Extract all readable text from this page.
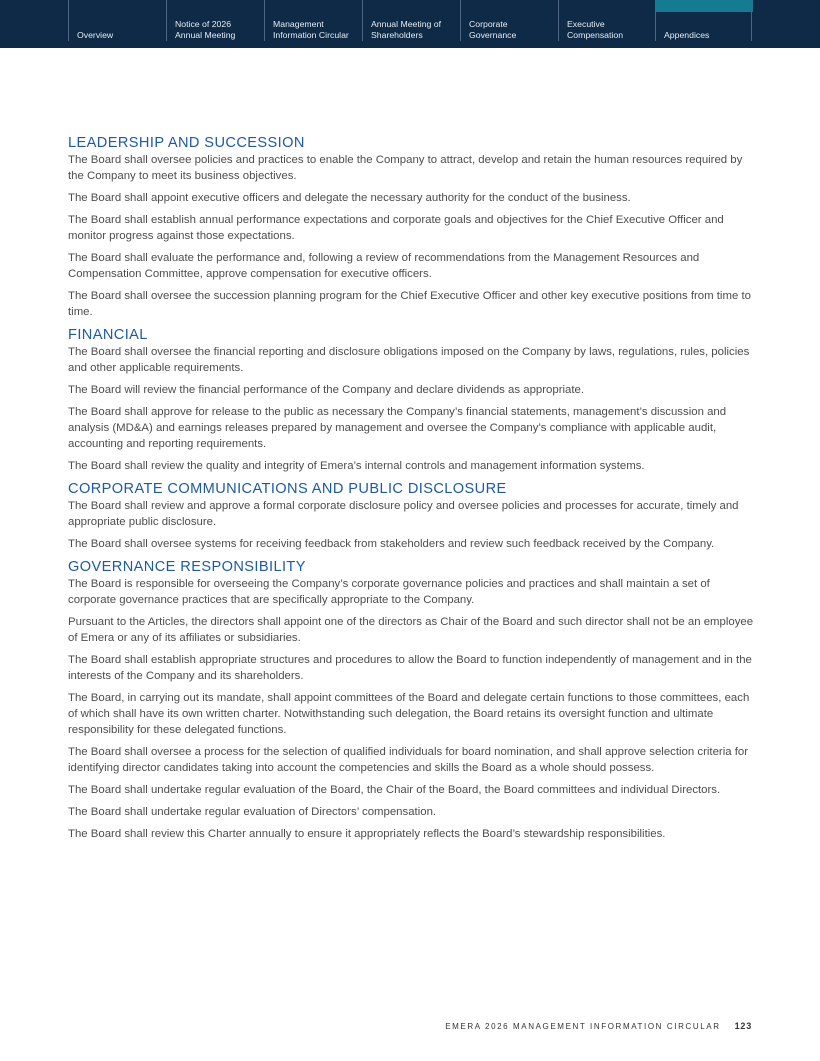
Overview
Notice of 2026
Annual Meeting
Management
Information Circular
Annual Meeting of
Shareholders
Corporate
Governance
Executive
Compensation	Appendices
LEADERSHIP AND SUCCESSION

The Board shall oversee policies and practices to enable the Company to attract, develop and retain the human resources required by the Company to meet its business objectives.

The Board shall appoint executive officers and delegate the necessary authority for the conduct of the business.

The Board shall establish annual performance expectations and corporate goals and objectives for the Chief Executive Officer and monitor progress against those expectations.

The Board shall evaluate the performance and, following a review of recommendations from the Management Resources and Compensation Committee, approve compensation for executive officers.

The Board shall oversee the succession planning program for the Chief Executive Officer and other key executive positions from time to time.

FINANCIAL

The Board shall oversee the financial reporting and disclosure obligations imposed on the Company by laws, regulations, rules, policies and other applicable requirements.

The Board will review the financial performance of the Company and declare dividends as appropriate.

The Board shall approve for release to the public as necessary the Company’s financial statements, management’s discussion and analysis (MD&A) and earnings releases prepared by management and oversee the Company’s compliance with applicable audit, accounting and reporting requirements.

The Board shall review the quality and integrity of Emera’s internal controls and management information systems.

CORPORATE COMMUNICATIONS AND PUBLIC DISCLOSURE

The Board shall review and approve a formal corporate disclosure policy and oversee policies and processes for accurate, timely and appropriate public disclosure.

The Board shall oversee systems for receiving feedback from stakeholders and review such feedback received by the Company.

GOVERNANCE RESPONSIBILITY

The Board is responsible for overseeing the Company’s corporate governance policies and practices and shall maintain a set of corporate governance practices that are specifically appropriate to the Company.

Pursuant to the Articles, the directors shall appoint one of the directors as Chair of the Board and such director shall not be an employee of Emera or any of its affiliates or subsidiaries.

The Board shall establish appropriate structures and procedures to allow the Board to function independently of management and in the interests of the Company and its shareholders.

The Board, in carrying out its mandate, shall appoint committees of the Board and delegate certain functions to those committees, each of which shall have its own written charter. Notwithstanding such delegation, the Board retains its oversight function and ultimate responsibility for these delegated functions.

The Board shall oversee a process for the selection of qualified individuals for board nomination, and shall approve selection criteria for identifying director candidates taking into account the competencies and skills the Board as a whole should possess.

The Board shall undertake regular evaluation of the Board, the Chair of the Board, the Board committees and individual Directors.

The Board shall undertake regular evaluation of Directors’ compensation.

The Board shall review this Charter annually to ensure it appropriately reflects the Board’s stewardship responsibilities.

EMERA 2026 MANAGEMENT INFORMATION CIRCULAR 123
